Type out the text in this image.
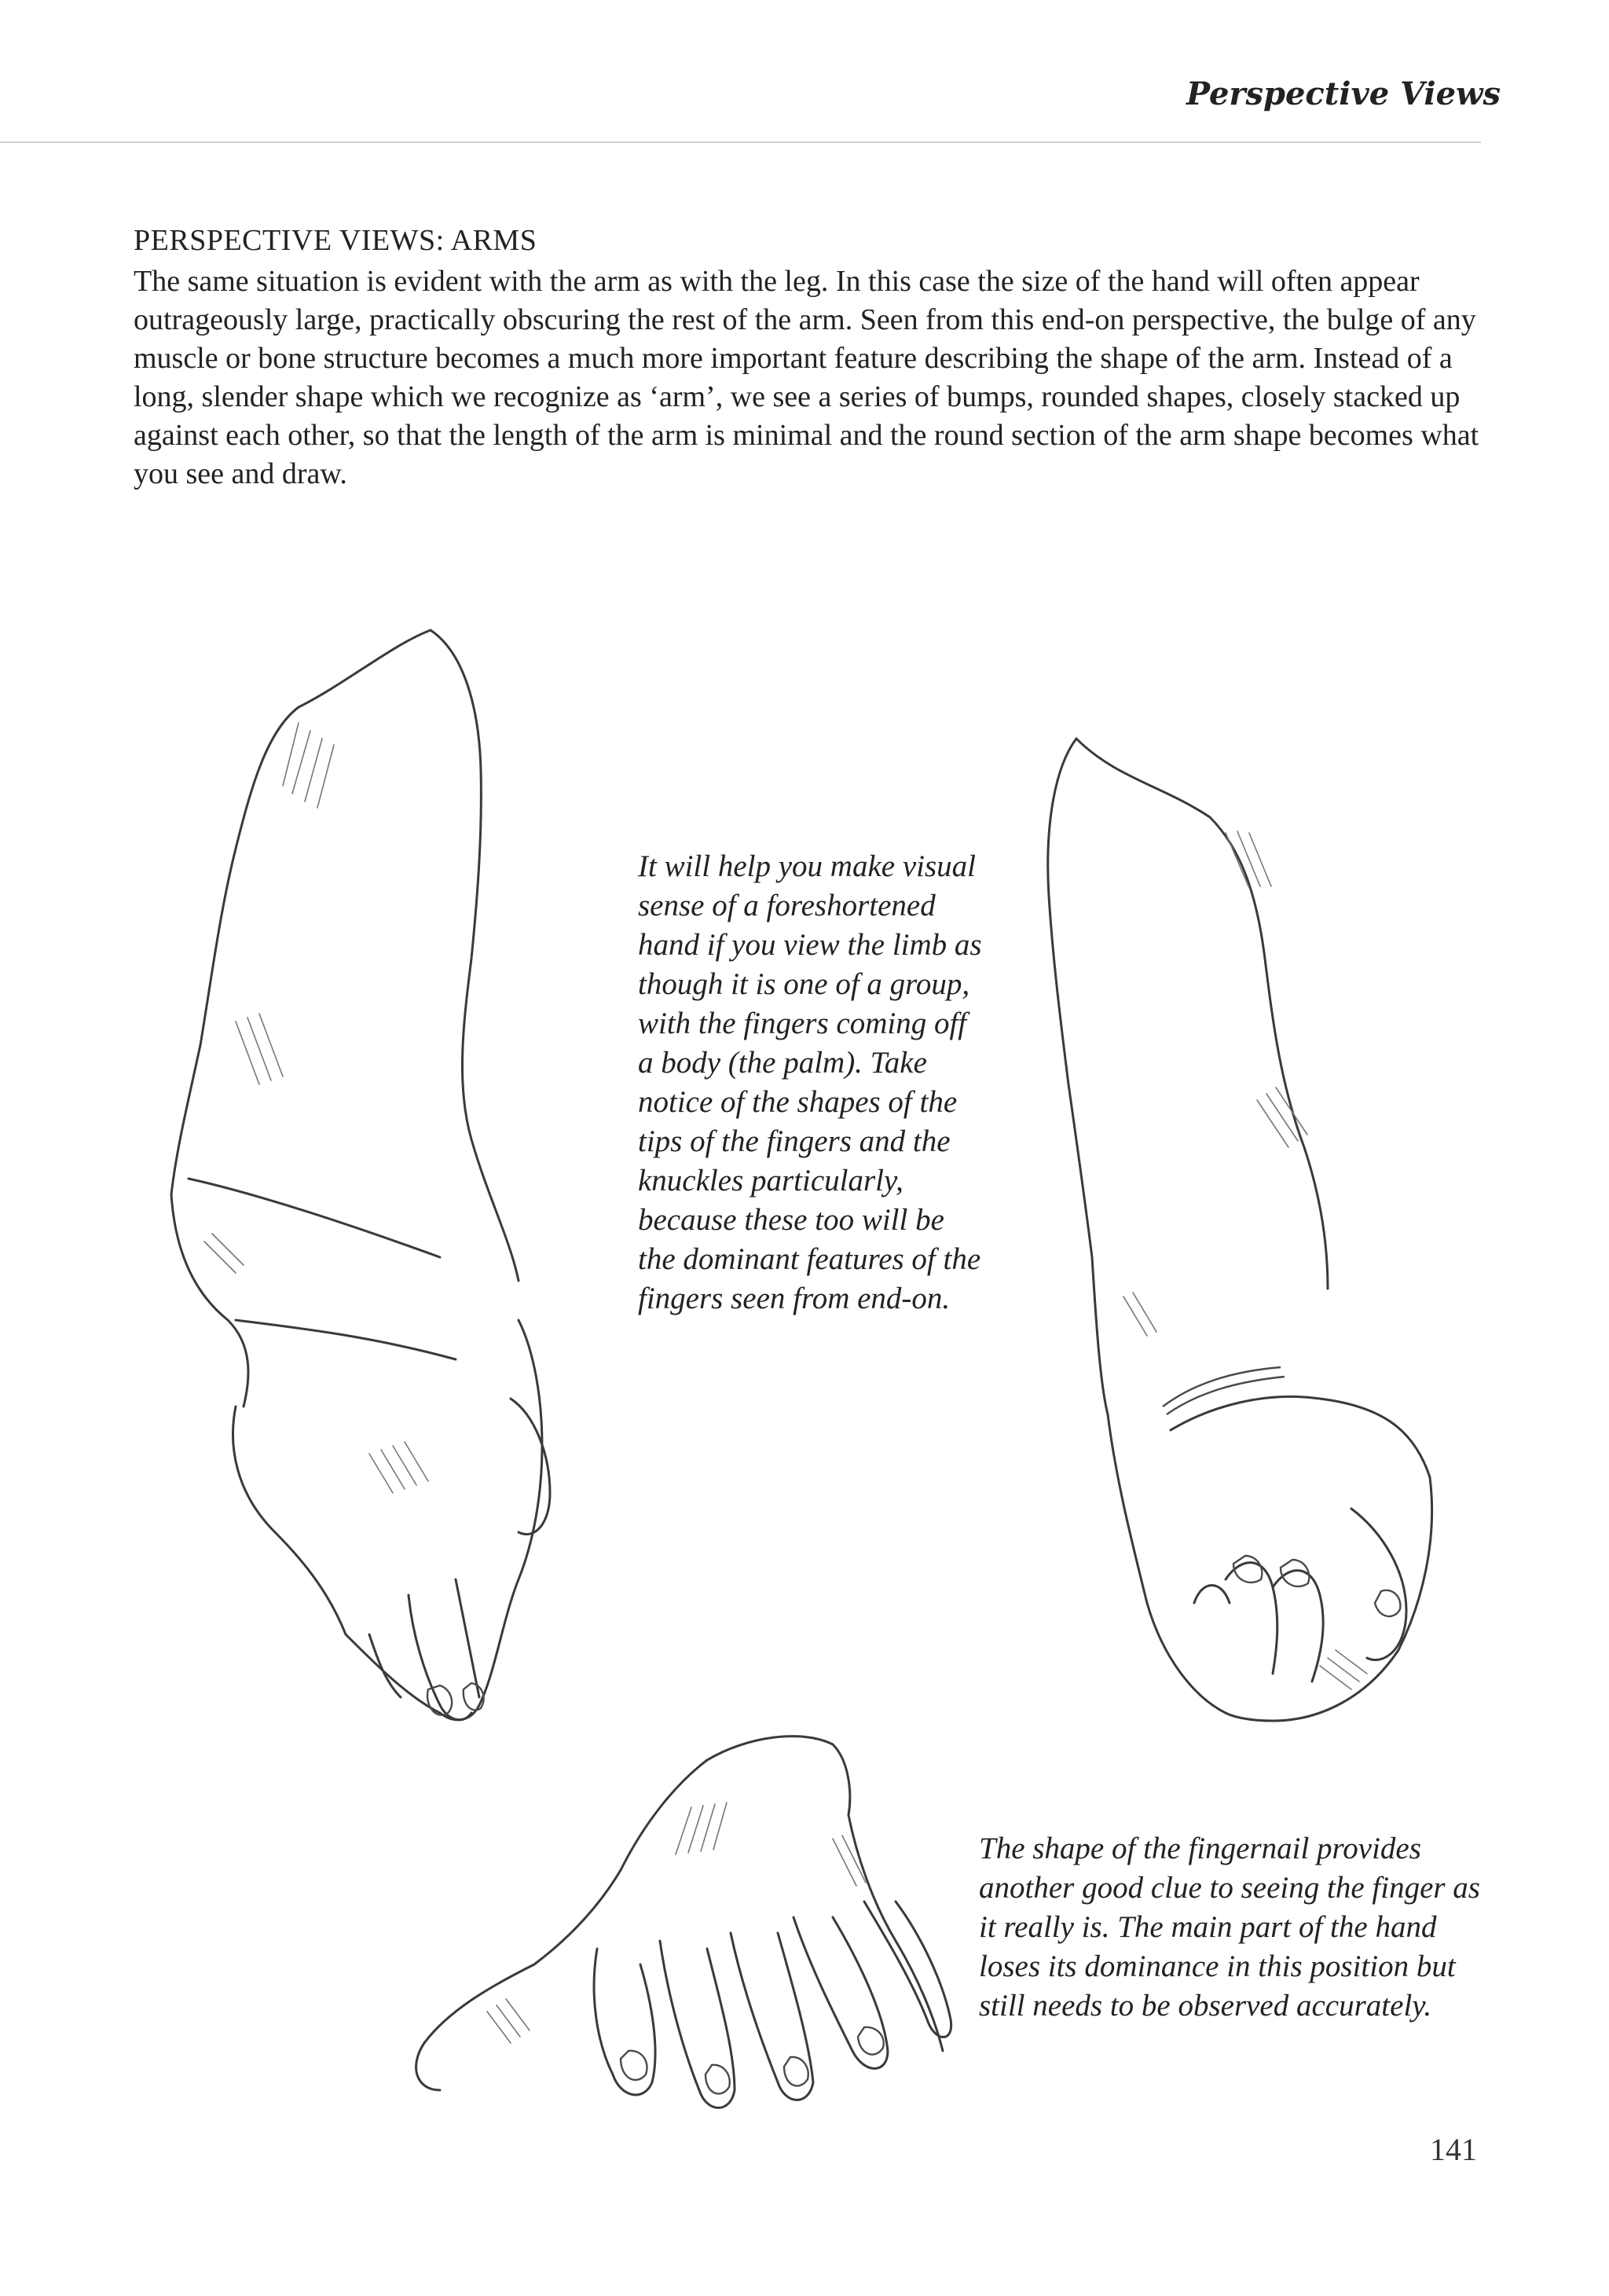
Perspective Views
PERSPECTIVE VIEWS: ARMS

The same situation is evident with the arm as with the leg. In this case the size of the hand will often appear outrageously large, practically obscuring the rest of the arm. Seen from this end-on perspective, the bulge of any muscle or bone structure becomes a much more important feature describing the shape of the arm. Instead of a long, slender shape which we recognize as ‘arm’, we see a series of bumps, rounded shapes, closely stacked up against each other, so that the length of the arm is minimal and the round section of the arm shape becomes what you see and draw.

It will help you make visual sense of a foreshortened hand if you view the limb as though it is one of a group, with the fingers coming off a body (the palm). Take notice of the shapes of the tips of the fingers and the knuckles particularly, because these too will be the dominant features of the fingers seen from end-on.

The shape of the fingernail provides another good clue to seeing the finger as it really is. The main part of the hand loses its dominance in this position but still needs to be observed accurately.

141
